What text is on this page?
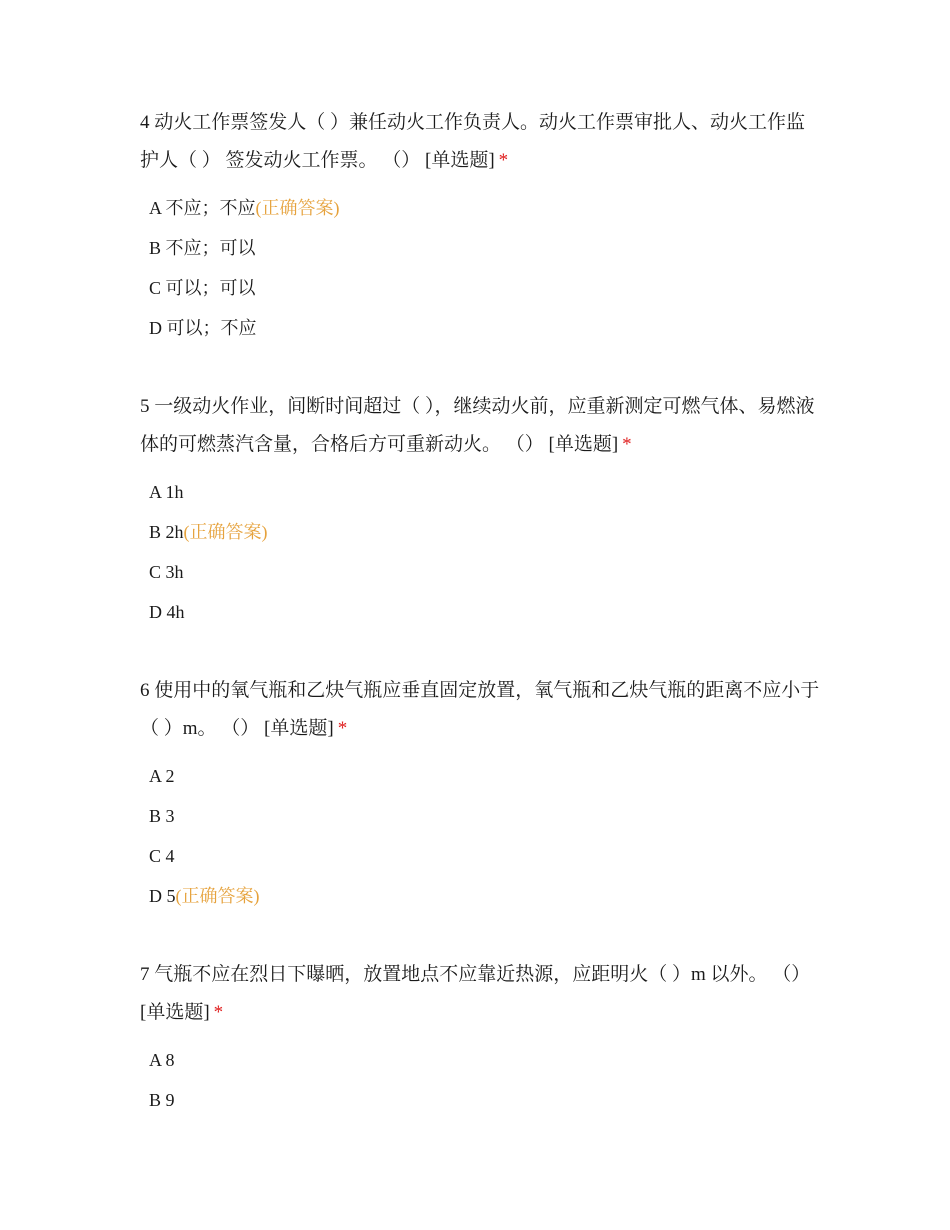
4 动火工作票签发人（ ）兼任动火工作负责人。动火工作票审批人、动火工作监护人（ ） 签发动火工作票。 （） [单选题] *

A 不应；不应(正确答案)
B 不应；可以
C 可以；可以
D 可以；不应

5 一级动火作业，间断时间超过（ ），继续动火前，应重新测定可燃气体、易燃液体的可燃蒸汽含量，合格后方可重新动火。 （） [单选题] *

A 1h
B 2h(正确答案)
C 3h
D 4h

6 使用中的氧气瓶和乙炔气瓶应垂直固定放置，氧气瓶和乙炔气瓶的距离不应小于（ ）m。 （） [单选题] *

A 2
B 3
C 4
D 5(正确答案)

7 气瓶不应在烈日下曝晒，放置地点不应靠近热源，应距明火（ ）m 以外。 （） [单选题] *

A 8
B 9
